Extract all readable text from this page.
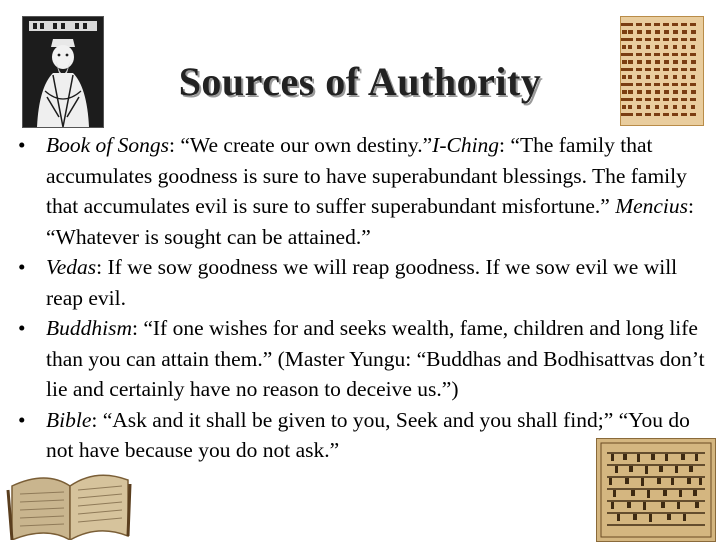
Sources of Authority
• Book of Songs: “We create our own destiny.”I-Ching: “The family that accumulates goodness is sure to have superabundant blessings. The family that accumulates evil is sure to suffer superabundant misfortune.” Mencius: “Whatever is sought can be attained.”
• Vedas: If we sow goodness we will reap goodness. If we sow evil we will reap evil.
• Buddhism: “If one wishes for and seeks wealth, fame, children and long life than you can attain them.” (Master Yungu: “Buddhas and Bodhisattvas don’t lie and certainly have no reason to deceive us.”)
• Bible: “Ask and it shall be given to you, Seek and you shall find;” “You do not have because you do not ask.”
